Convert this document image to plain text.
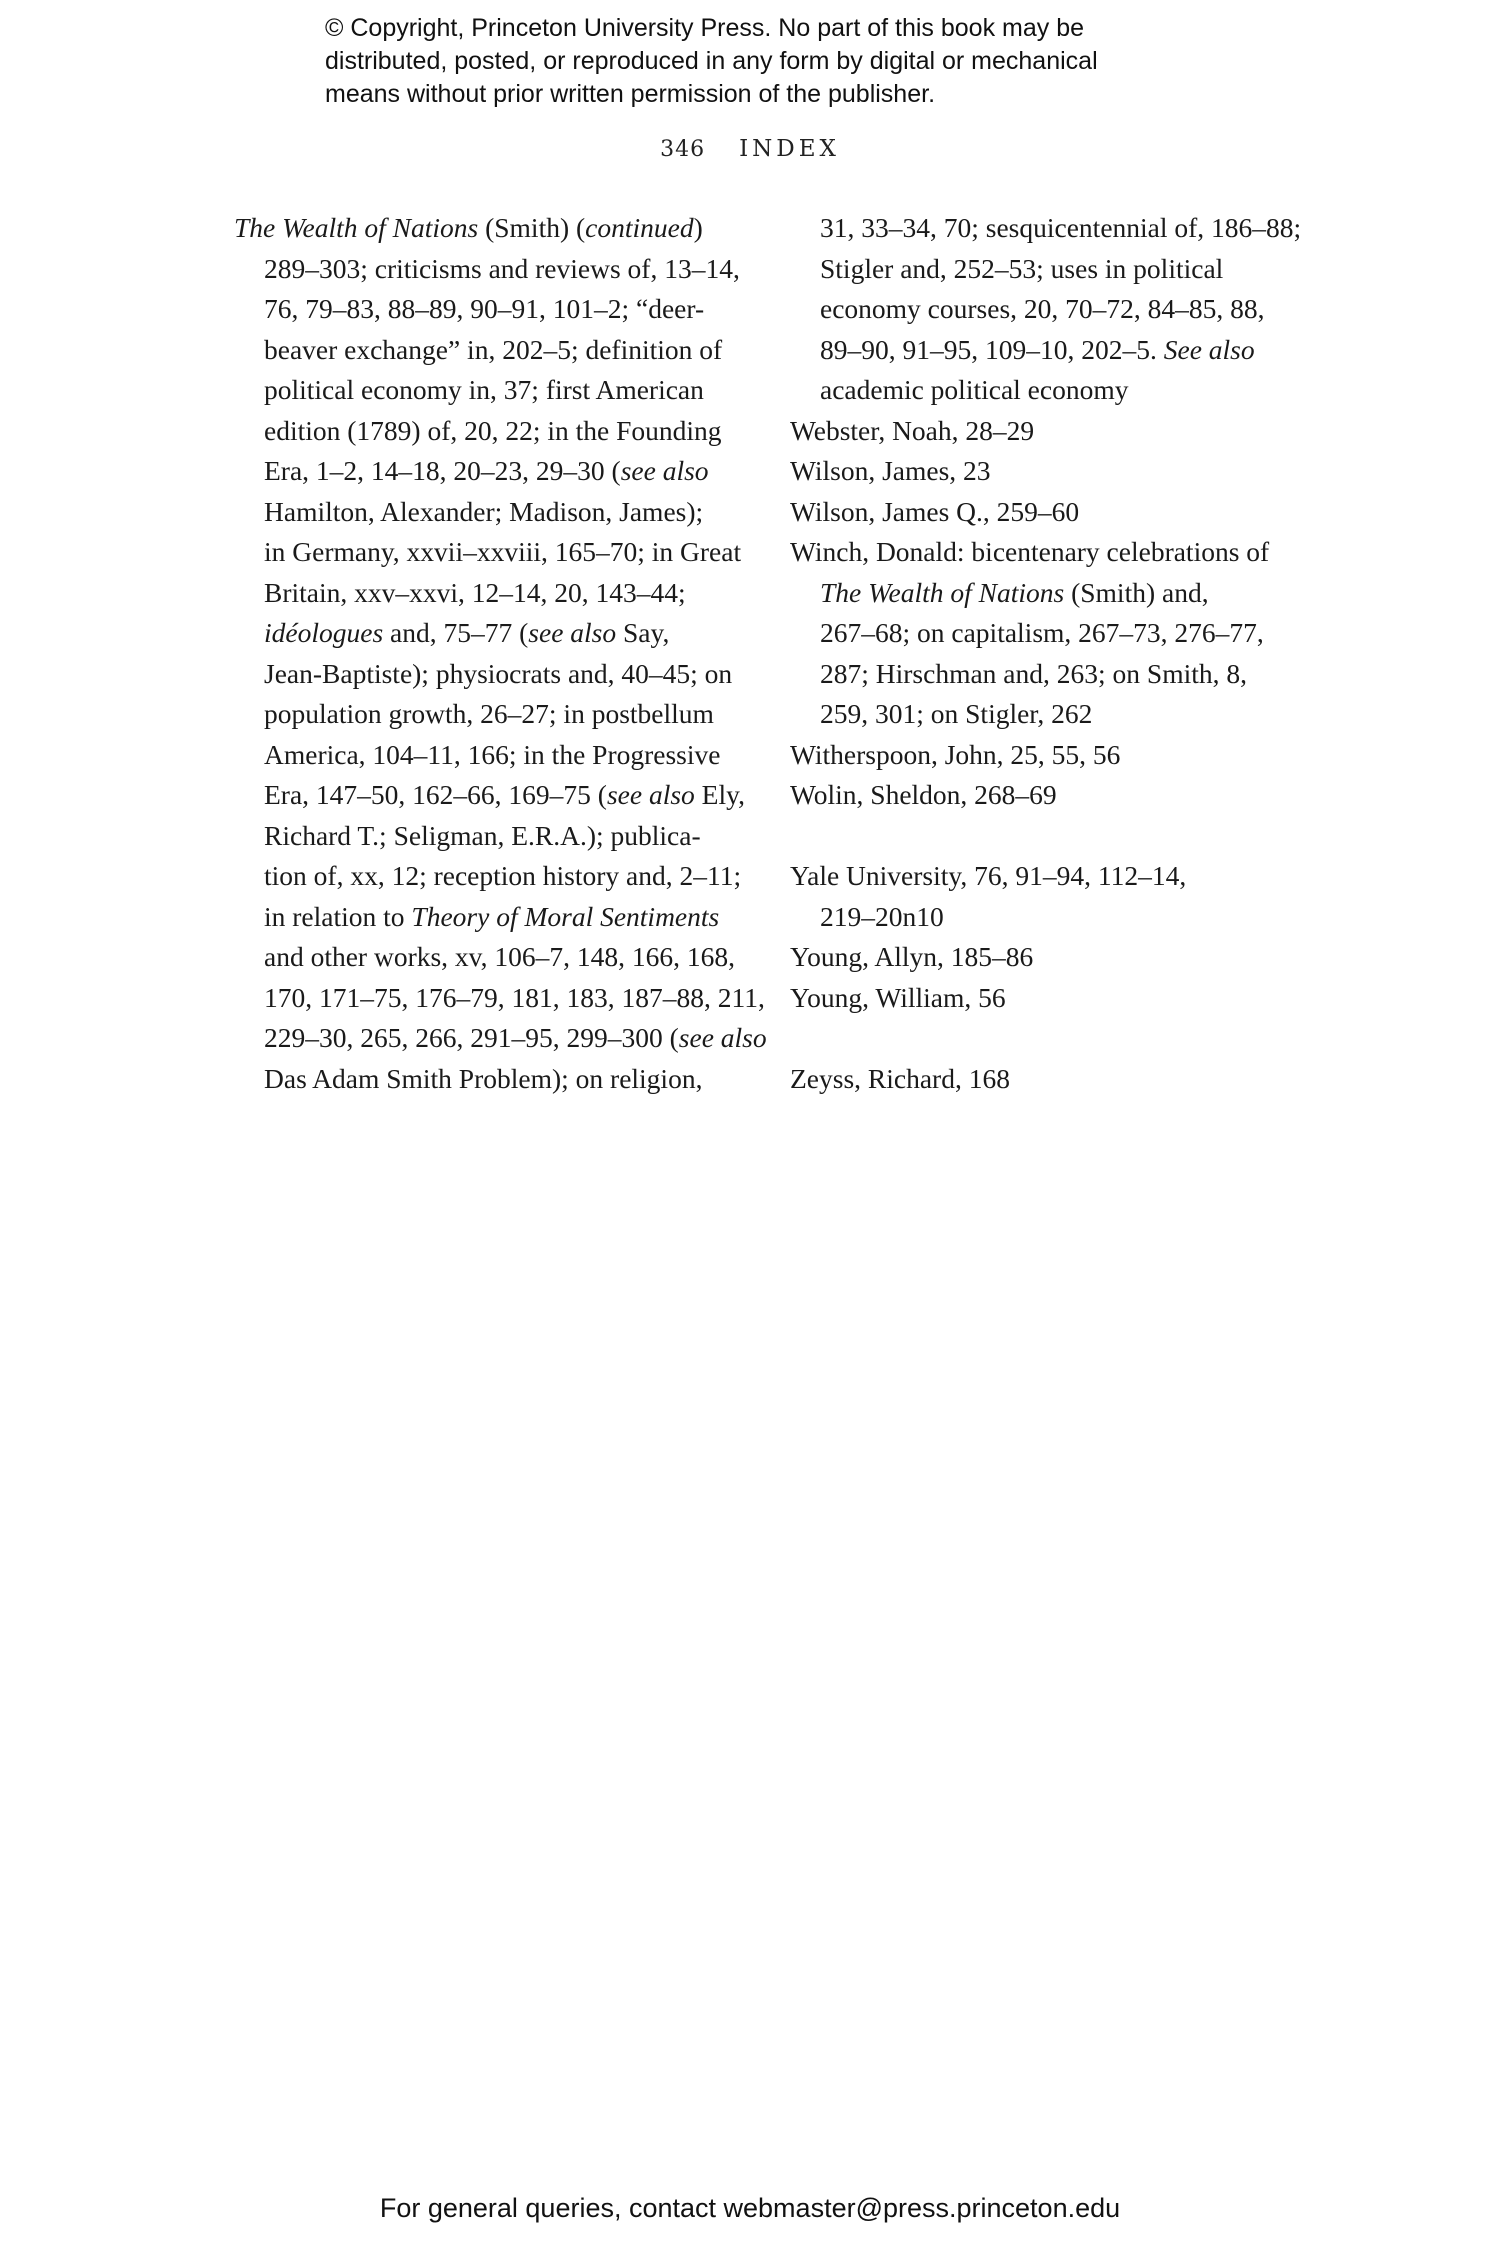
© Copyright, Princeton University Press. No part of this book may be
distributed, posted, or reproduced in any form by digital or mechanical
means without prior written permission of the publisher.
346 INDEX
The Wealth of Nations (Smith) (continued)
289–303; criticisms and reviews of, 13–14,
76, 79–83, 88–89, 90–91, 101–2; “deer-
beaver exchange” in, 202–5; definition of
political economy in, 37; first American
edition (1789) of, 20, 22; in the Founding
Era, 1–2, 14–18, 20–23, 29–30 (see also
Hamilton, Alexander; Madison, James);
in Germany, xxvii–xxviii, 165–70; in Great
Britain, xxv–xxvi, 12–14, 20, 143–44;
idéologues and, 75–77 (see also Say,
Jean-Baptiste); physiocrats and, 40–45; on
population growth, 26–27; in postbellum
America, 104–11, 166; in the Progressive
Era, 147–50, 162–66, 169–75 (see also Ely,
Richard T.; Seligman, E.R.A.); publica-
tion of, xx, 12; reception history and, 2–11;
in relation to Theory of Moral Sentiments
and other works, xv, 106–7, 148, 166, 168,
170, 171–75, 176–79, 181, 183, 187–88, 211,
229–30, 265, 266, 291–95, 299–300 (see also
Das Adam Smith Problem); on religion,
31, 33–34, 70; sesquicentennial of, 186–88;
Stigler and, 252–53; uses in political
economy courses, 20, 70–72, 84–85, 88,
89–90, 91–95, 109–10, 202–5. See also
academic political economy
Webster, Noah, 28–29
Wilson, James, 23
Wilson, James Q., 259–60
Winch, Donald: bicentenary celebrations of
The Wealth of Nations (Smith) and,
267–68; on capitalism, 267–73, 276–77,
287; Hirschman and, 263; on Smith, 8,
259, 301; on Stigler, 262
Witherspoon, John, 25, 55, 56
Wolin, Sheldon, 268–69
Yale University, 76, 91–94, 112–14,
219–20n10
Young, Allyn, 185–86
Young, William, 56
Zeyss, Richard, 168
For general queries, contact webmaster@press.princeton.edu
